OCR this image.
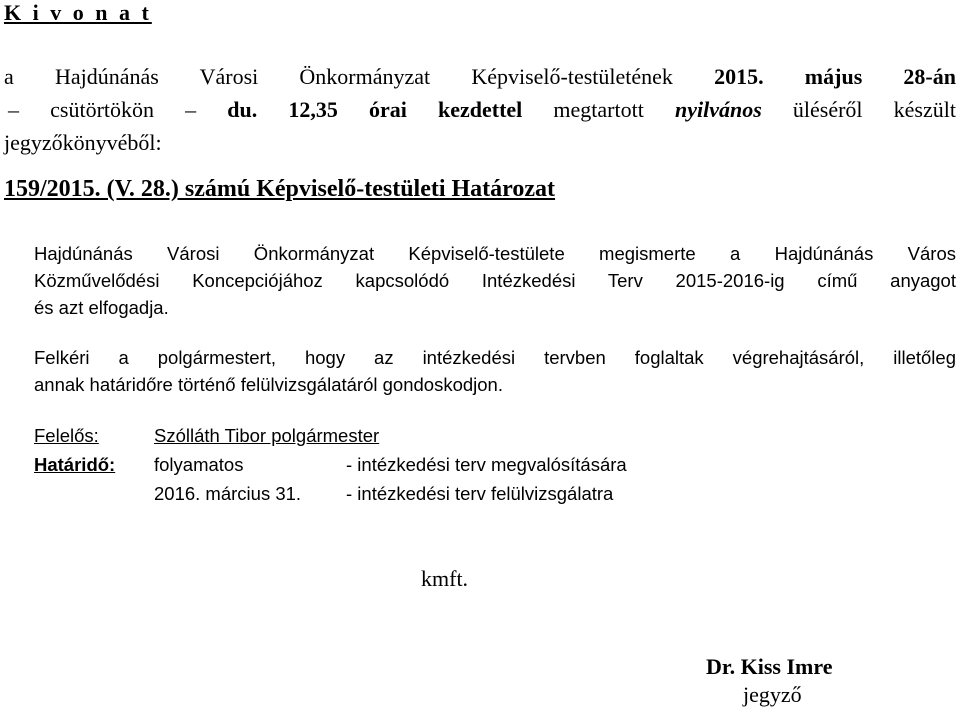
K i v o n a t
a Hajdúnánás Városi Önkormányzat Képviselő-testületének 2015. május 28-án
– csütörtökön – du. 12,35 órai kezdettel megtartott nyilvános üléséről készült
jegyzőkönyvéből:
159/2015. (V. 28.) számú Képviselő-testületi Határozat
Hajdúnánás Városi Önkormányzat Képviselő-testülete megismerte a Hajdúnánás Város
Közművelődési Koncepciójához kapcsolódó Intézkedési Terv 2015-2016-ig című anyagot
és azt elfogadja.
Felkéri a polgármestert, hogy az intézkedési tervben foglaltak végrehajtásáról, illetőleg
annak határidőre történő felülvizsgálatáról gondoskodjon.
Felelős:	Szólláth Tibor polgármester
Határidő: folyamatos	- intézkedési terv megvalósítására
2016. március 31. - intézkedési terv felülvizsgálatra
kmft.
Dr. Kiss Imre
jegyző
